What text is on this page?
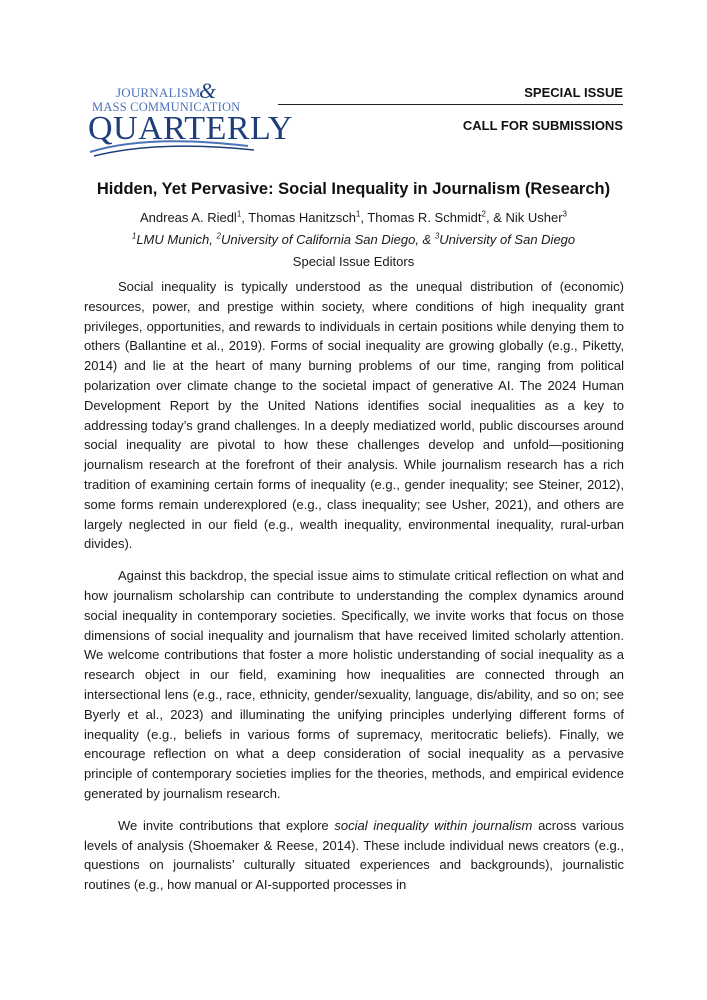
JOURNALISM
&
MASS COMMUNICATION
QUARTERLY
SPECIAL ISSUE
CALL FOR SUBMISSIONS
Hidden, Yet Pervasive: Social Inequality in Journalism (Research)
Andreas A. Riedl$^1$, Thomas Hanitzsch$^1$, Thomas R. Schmidt$^2$, & Nik Usher$^3$
$^1$LMU Munich, $^2$University of California San Diego, & $^3$University of San Diego
Special Issue Editors

Social inequality is typically understood as the unequal distribution of (economic) resources, power, and prestige within society, where conditions of high inequality grant privileges, opportunities, and rewards to individuals in certain positions while denying them to others (Ballantine et al., 2019). Forms of social inequality are growing globally (e.g., Piketty, 2014) and lie at the heart of many burning problems of our time, ranging from political polarization over climate change to the societal impact of generative AI. The 2024 Human Development Report by the United Nations identifies social inequalities as a key to addressing today’s grand challenges. In a deeply mediatized world, public discourses around social inequality are pivotal to how these challenges develop and unfold—positioning journalism research at the forefront of their analysis. While journalism research has a rich tradition of examining certain forms of inequality (e.g., gender inequality; see Steiner, 2012), some forms remain underexplored (e.g., class inequality; see Usher, 2021), and others are largely neglected in our field (e.g., wealth inequality, environmental inequality, rural-urban divides).

Against this backdrop, the special issue aims to stimulate critical reflection on what and how journalism scholarship can contribute to understanding the complex dynamics around social inequality in contemporary societies. Specifically, we invite works that focus on those dimensions of social inequality and journalism that have received limited scholarly attention. We welcome contributions that foster a more holistic understanding of social inequality as a research object in our field, examining how inequalities are connected through an intersectional lens (e.g., race, ethnicity, gender/sexuality, language, dis/ability, and so on; see Byerly et al., 2023) and illuminating the unifying principles underlying different forms of inequality (e.g., beliefs in various forms of supremacy, meritocratic beliefs). Finally, we encourage reflection on what a deep consideration of social inequality as a pervasive principle of contemporary societies implies for the theories, methods, and empirical evidence generated by journalism research.

We invite contributions that explore social inequality within journalism across various levels of analysis (Shoemaker & Reese, 2014). These include individual news creators (e.g., questions on journalists’ culturally situated experiences and backgrounds), journalistic routines (e.g., how manual or AI-supported processes in
